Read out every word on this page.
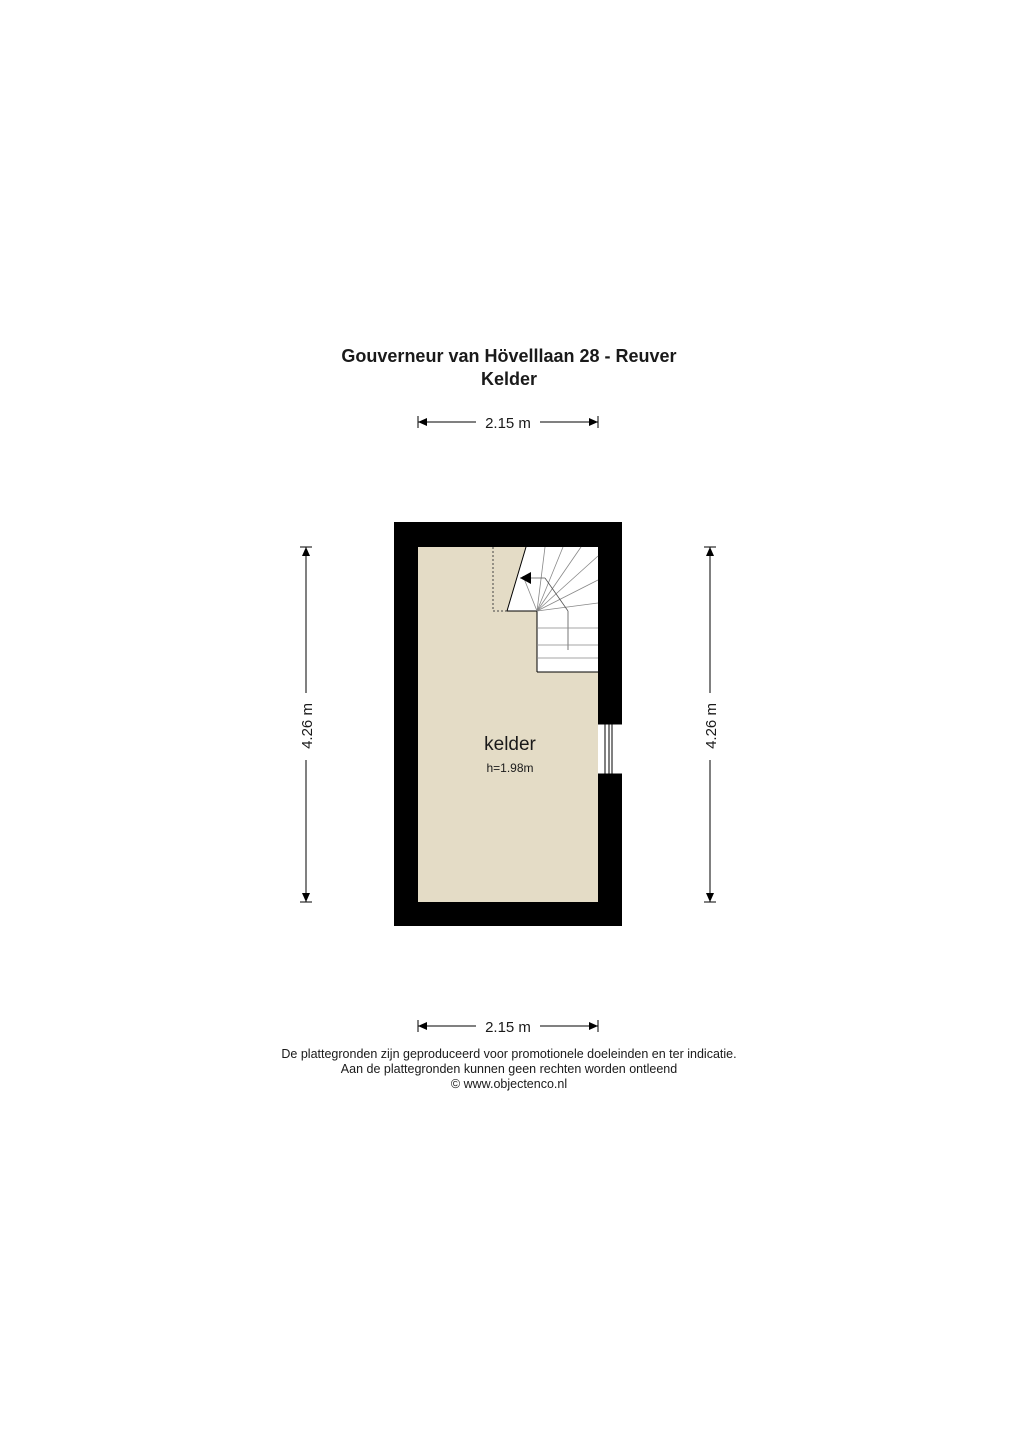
Gouverneur van Hövelllaan 28 - Reuver
Kelder
2.15 m
2.15 m
4.26 m	4.26 m
kelder
h=1.98m
De plattegronden zijn geproduceerd voor promotionele doeleinden en ter indicatie.
Aan de plattegronden kunnen geen rechten worden ontleend
© www.objectenco.nl
